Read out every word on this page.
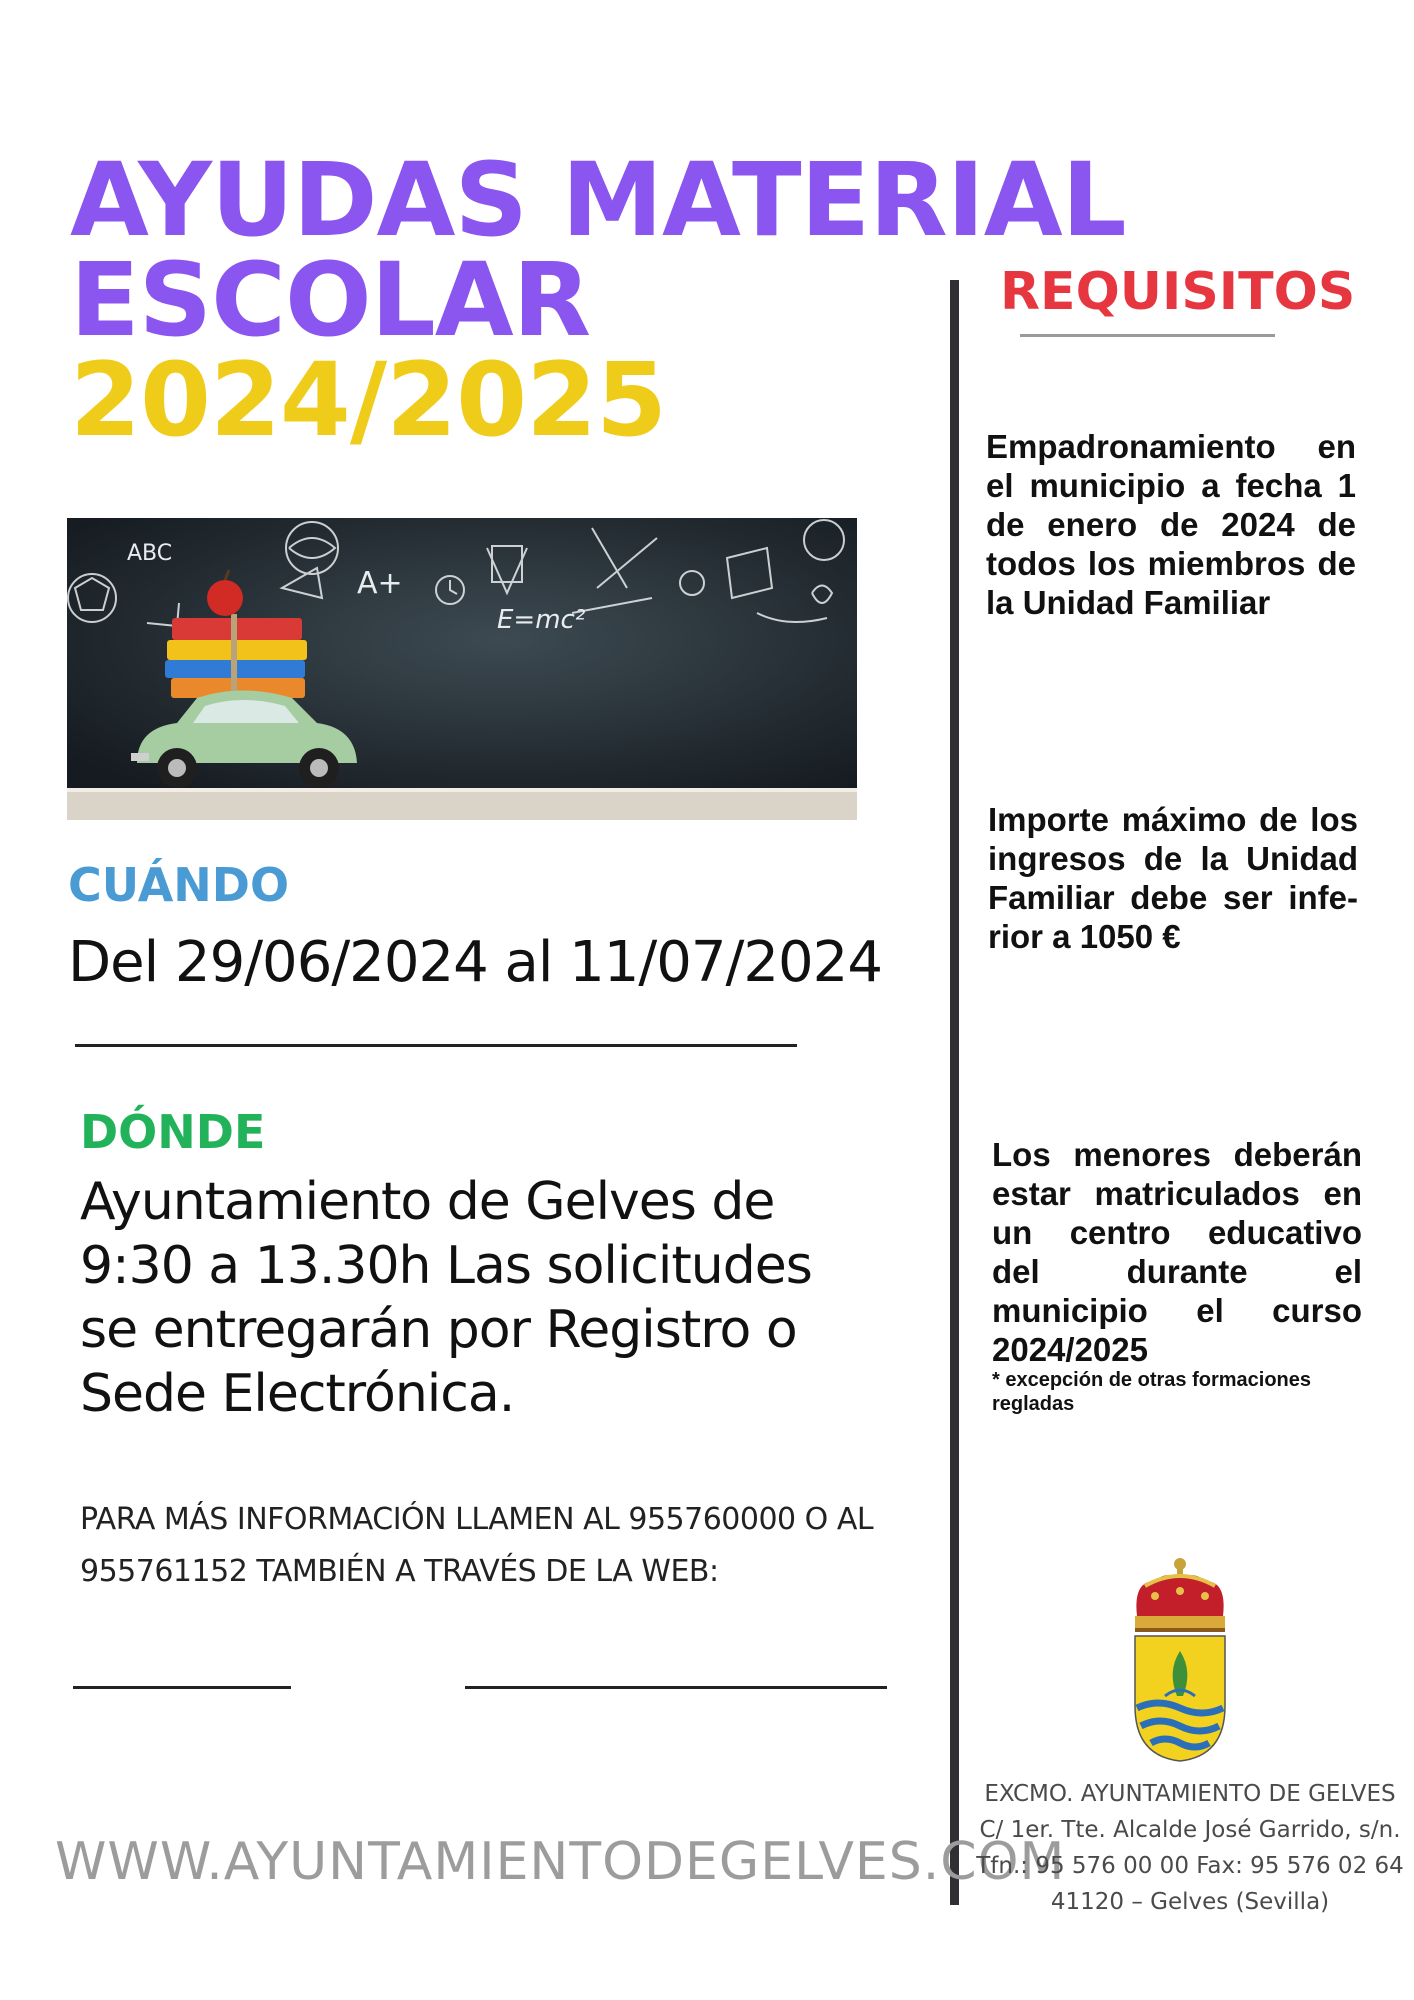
AYUDAS MATERIAL
ESCOLAR
2024/2025
REQUISITOS
Empadronamiento en el municipio a fecha 1 de enero de 2024 de todos los miembros de la Unidad Familiar
Importe máximo de los ingresos de la Unidad Familiar debe ser infe-rior a 1050 €
Los menores deberán estar matriculados en un centro educativo del durante el municipio el curso 2024/2025
* excepción de otras formaciones regladas
A+
E=mc²
ABC
CUÁNDO
Del 29/06/2024 al 11/07/2024
DÓNDE
Ayuntamiento de Gelves de 9:30 a 13.30h Las solicitudes se entregarán por Registro o Sede Electrónica.
PARA MÁS INFORMACIÓN LLAMEN AL 955760000 O AL 955761152 TAMBIÉN A TRAVÉS DE LA WEB:
WWW.AYUNTAMIENTODEGELVES.COM
EXCMO. AYUNTAMIENTO DE GELVES
C/ 1er. Tte. Alcalde José Garrido, s/n.
Tfn.: 95 576 00 00 Fax: 95 576 02 64
41120 – Gelves (Sevilla)
